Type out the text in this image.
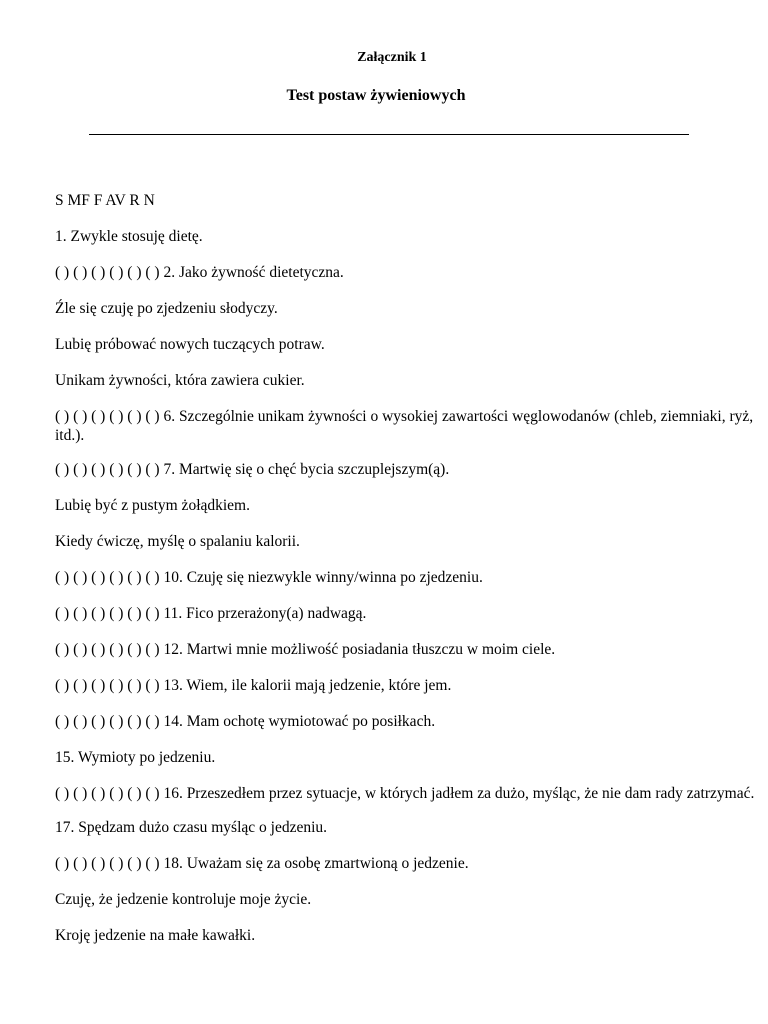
Załącznik 1
Test postaw żywieniowych

S MF F AV R N

1. Zwykle stosuję dietę.

( ) ( ) ( ) ( ) ( ) ( ) 2. Jako żywność dietetyczna.

Źle się czuję po zjedzeniu słodyczy.

Lubię próbować nowych tuczących potraw.

Unikam żywności, która zawiera cukier.

( ) ( ) ( ) ( ) ( ) ( ) 6. Szczególnie unikam żywności o wysokiej zawartości węglowodanów (chleb, ziemniaki, ryż, itd.).

( ) ( ) ( ) ( ) ( ) ( ) 7. Martwię się o chęć bycia szczuplejszym(ą).

Lubię być z pustym żołądkiem.

Kiedy ćwiczę, myślę o spalaniu kalorii.

( ) ( ) ( ) ( ) ( ) ( ) 10. Czuję się niezwykle winny/winna po zjedzeniu.

( ) ( ) ( ) ( ) ( ) ( ) 11. Fico przerażony(a) nadwagą.

( ) ( ) ( ) ( ) ( ) ( ) 12. Martwi mnie możliwość posiadania tłuszczu w moim ciele.

( ) ( ) ( ) ( ) ( ) ( ) 13. Wiem, ile kalorii mają jedzenie, które jem.

( ) ( ) ( ) ( ) ( ) ( ) 14. Mam ochotę wymiotować po posiłkach.

15. Wymioty po jedzeniu.

( ) ( ) ( ) ( ) ( ) ( ) 16. Przeszedłem przez sytuacje, w których jadłem za dużo, myśląc, że nie dam rady zatrzymać.

17. Spędzam dużo czasu myśląc o jedzeniu.

( ) ( ) ( ) ( ) ( ) ( ) 18. Uważam się za osobę zmartwioną o jedzenie.

Czuję, że jedzenie kontroluje moje życie.

Kroję jedzenie na małe kawałki.
